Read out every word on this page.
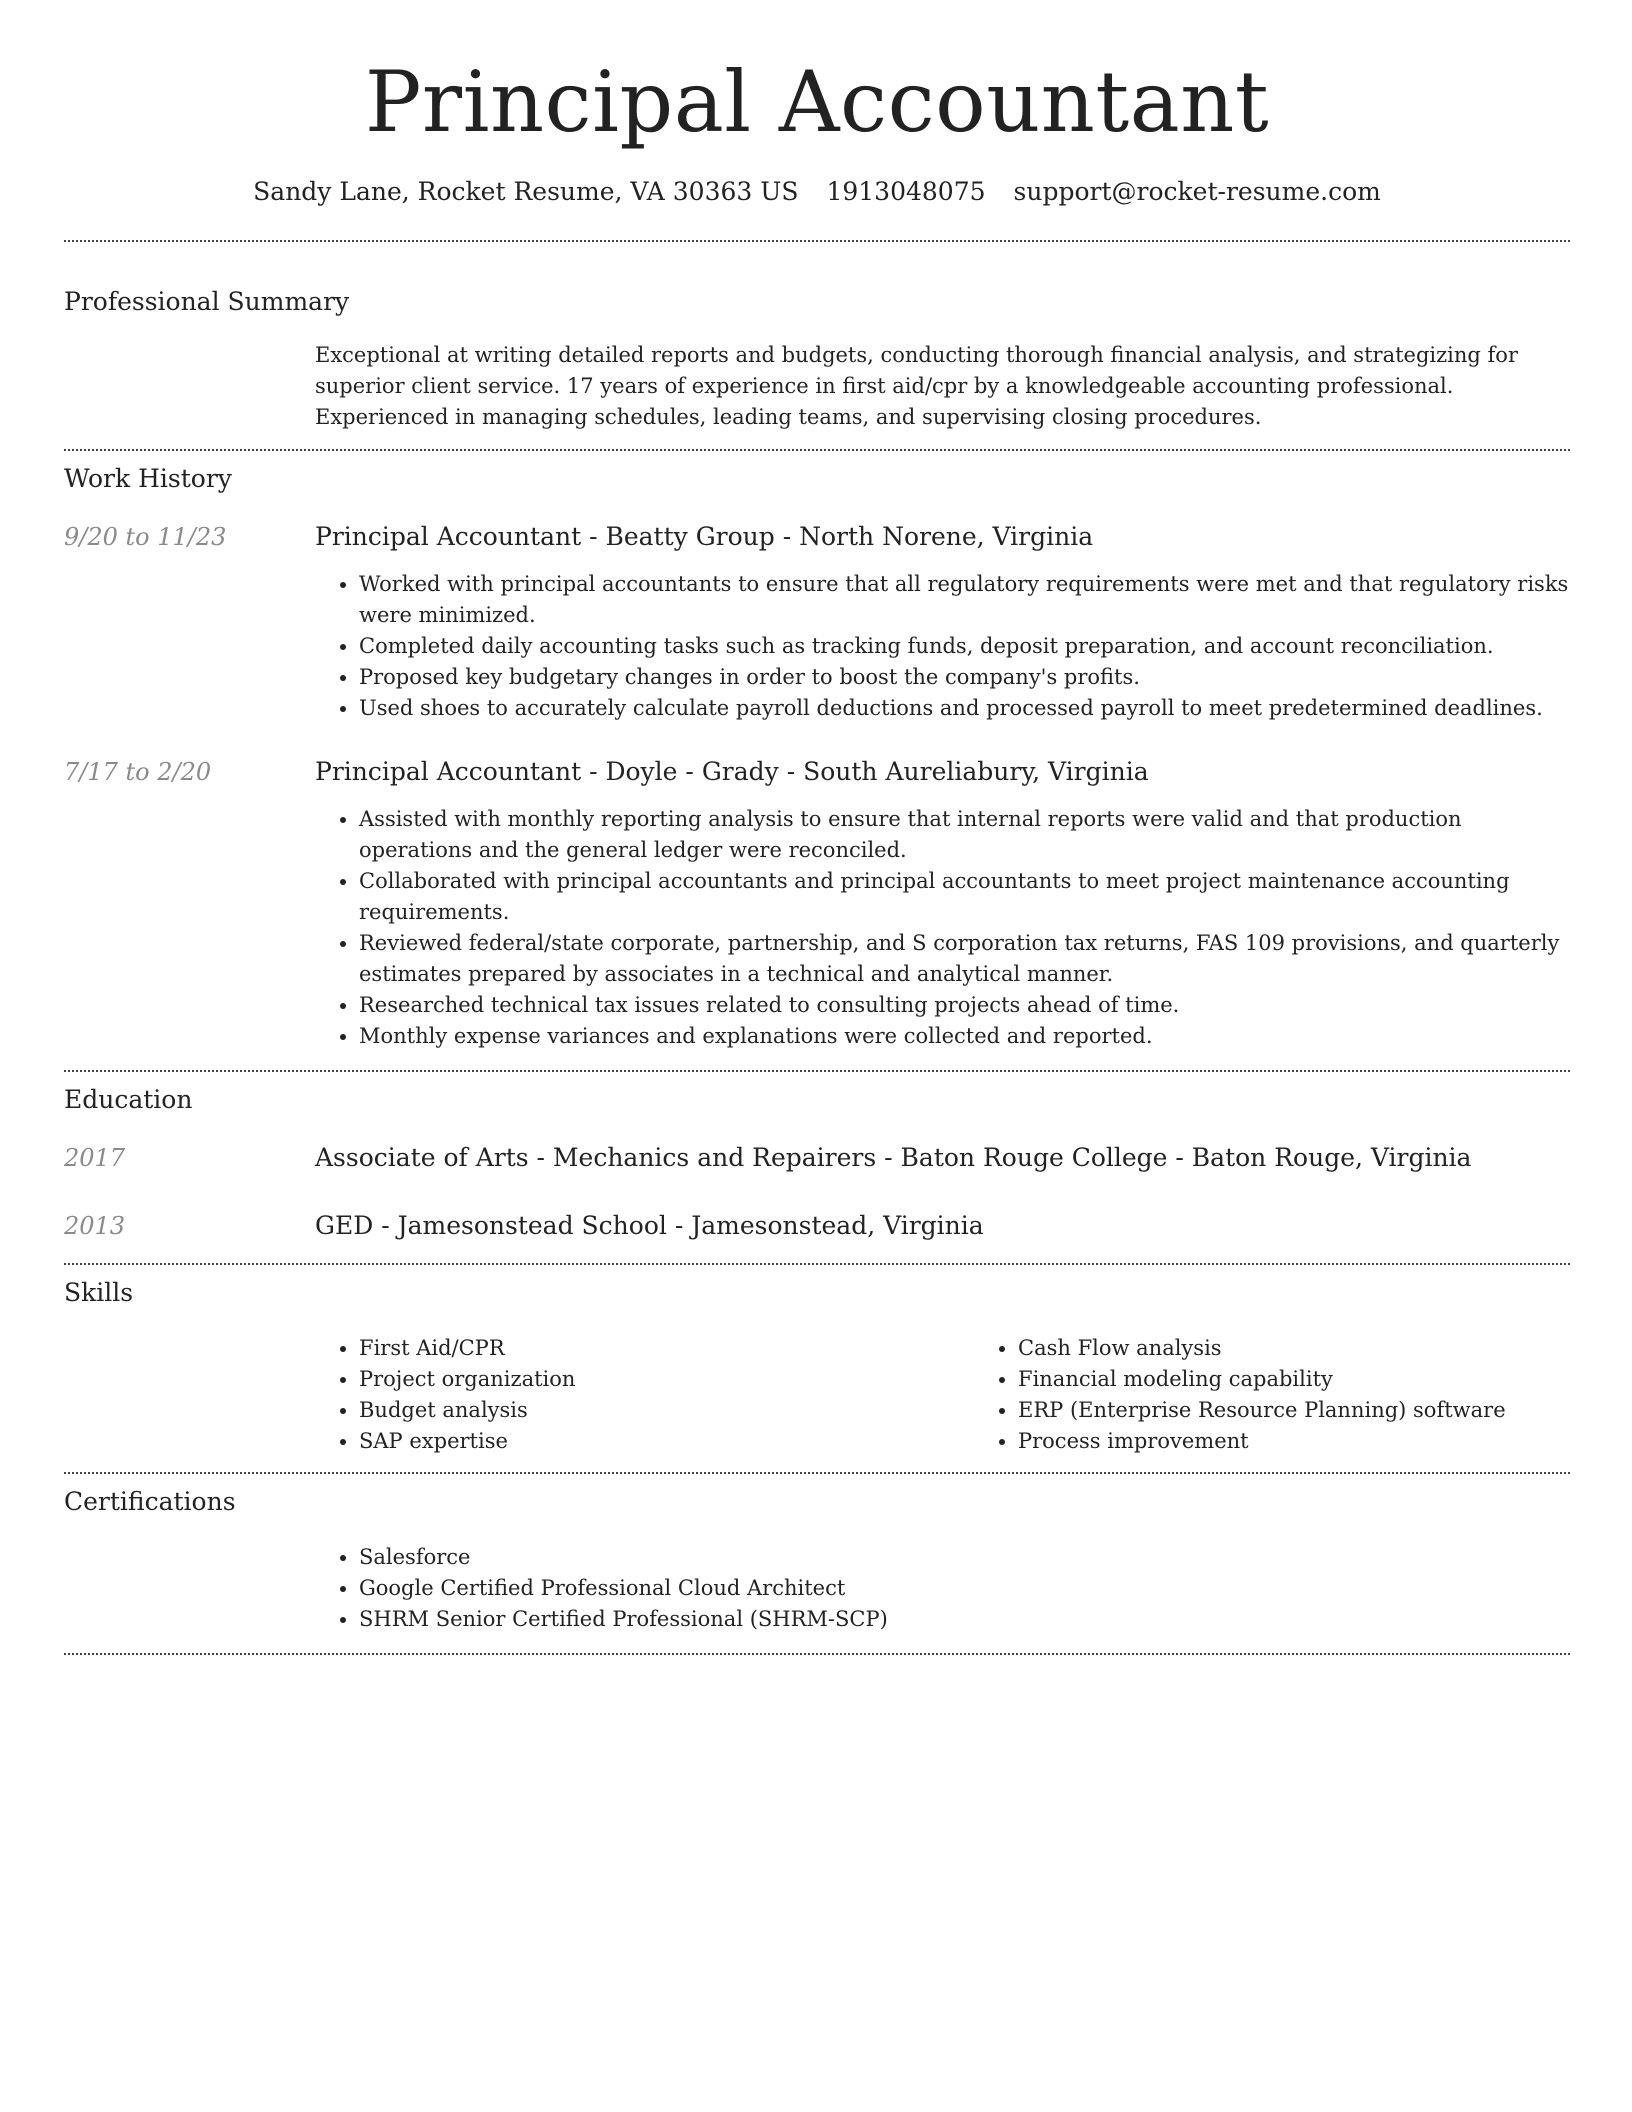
Principal Accountant
Sandy Lane, Rocket Resume, VA 30363 US 1913048075 support@rocket-resume.com
Professional Summary
Exceptional at writing detailed reports and budgets, conducting thorough financial analysis, and strategizing for superior client service. 17 years of experience in first aid/cpr by a knowledgeable accounting professional. Experienced in managing schedules, leading teams, and supervising closing procedures.
Work History
9/20 to 11/23	Principal Accountant - Beatty Group - North Norene, Virginia
• Worked with principal accountants to ensure that all regulatory requirements were met and that regulatory risks were minimized.
• Completed daily accounting tasks such as tracking funds, deposit preparation, and account reconciliation.
• Proposed key budgetary changes in order to boost the company's profits.
• Used shoes to accurately calculate payroll deductions and processed payroll to meet predetermined deadlines.
7/17 to 2/20	Principal Accountant - Doyle - Grady - South Aureliabury, Virginia
• Assisted with monthly reporting analysis to ensure that internal reports were valid and that production operations and the general ledger were reconciled.
• Collaborated with principal accountants and principal accountants to meet project maintenance accounting requirements.
• Reviewed federal/state corporate, partnership, and S corporation tax returns, FAS 109 provisions, and quarterly estimates prepared by associates in a technical and analytical manner.
• Researched technical tax issues related to consulting projects ahead of time.
• Monthly expense variances and explanations were collected and reported.
Education
2017	Associate of Arts - Mechanics and Repairers - Baton Rouge College - Baton Rouge, Virginia
2013	GED - Jamesonstead School - Jamesonstead, Virginia
Skills
• First Aid/CPR
• Project organization
• Budget analysis
• SAP expertise
• Cash Flow analysis
• Financial modeling capability
• ERP (Enterprise Resource Planning) software
• Process improvement
Certifications
• Salesforce
• Google Certified Professional Cloud Architect
• SHRM Senior Certified Professional (SHRM-SCP)
